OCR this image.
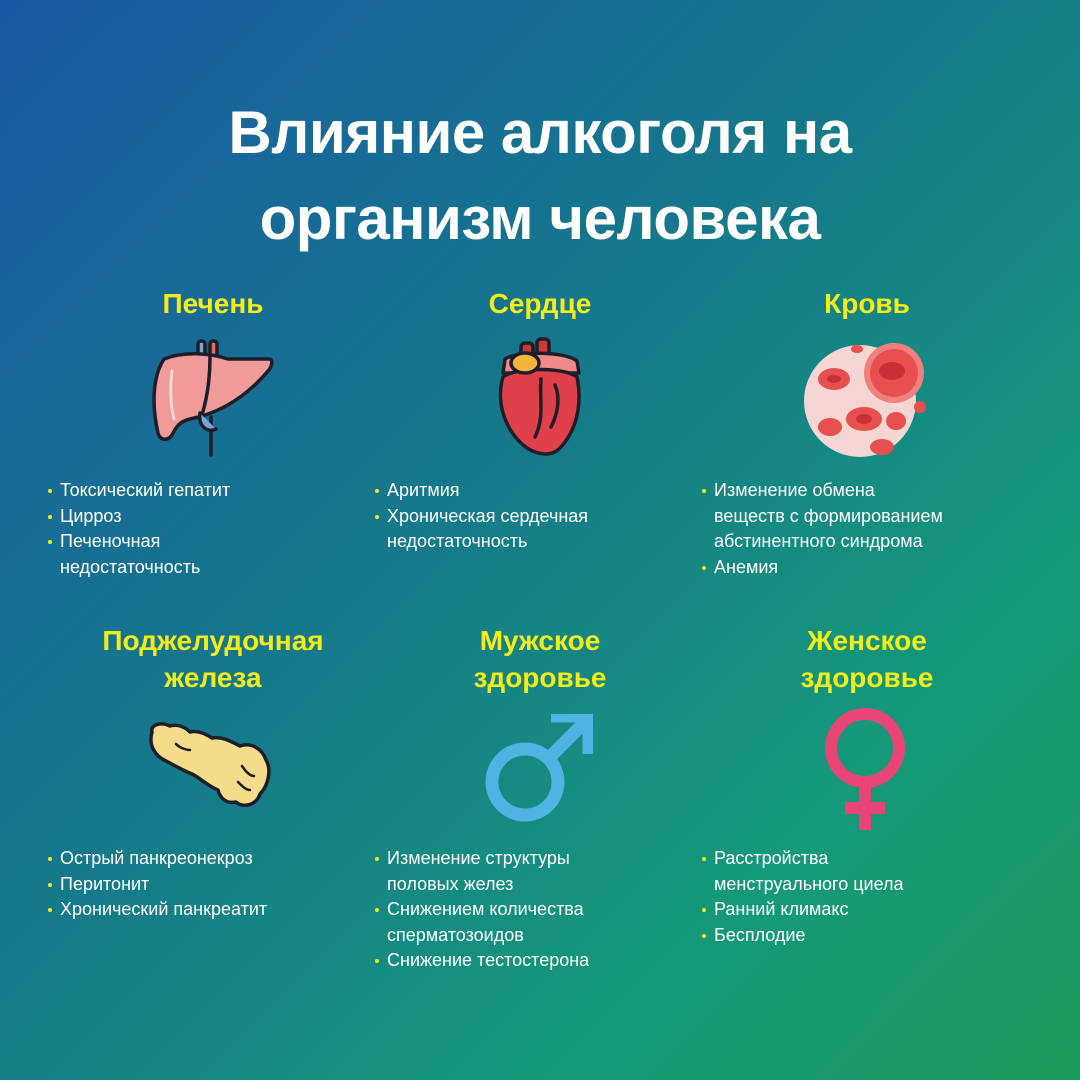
Влияние алкоголя на
организм человека
Печень
Токсический гепатит
Цирроз
Печеночная
недостаточность
Сердце
Аритмия
Хроническая сердечная
недостаточность
Кровь
Изменение обмена
веществ с формированием
абстинентного синдрома
Анемия
Поджелудочная
железа
Острый панкреонекроз
Перитонит
Хронический панкреатит
Мужское
здоровье
Изменение структуры
половых желез
Снижением количества
сперматозоидов
Снижение тестостерона
Женское
здоровье
Расстройства
менструального циела
Ранний климакс
Бесплодие
